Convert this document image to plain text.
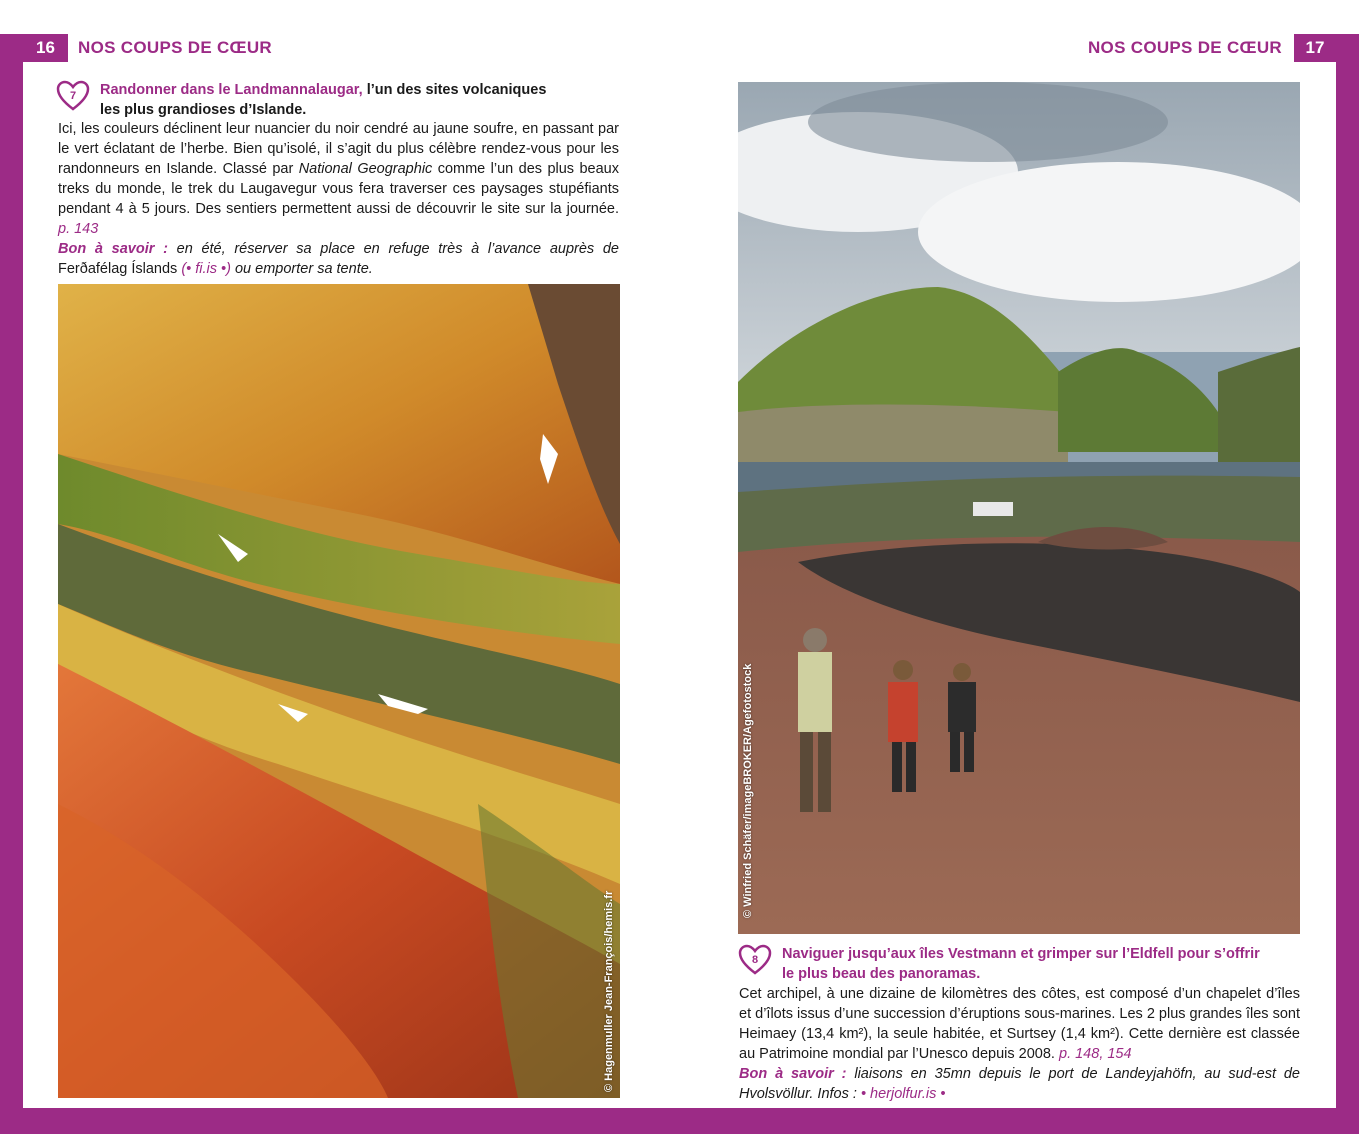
16	NOS COUPS DE CŒUR
7 Randonner dans le Landmannalaugar, l’un des sites volcaniques
les plus grandioses d’Islande.
Ici, les couleurs déclinent leur nuancier du noir cendré au jaune soufre, en passant par le vert éclatant de l’herbe. Bien qu’isolé, il s’agit du plus célèbre rendez-vous pour les randonneurs en Islande. Classé par National Geographic comme l’un des plus beaux treks du monde, le trek du Laugavegur vous fera traverser ces paysages stupéfiants pendant 4 à 5 jours. Des sentiers permettent aussi de découvrir le site sur la journée. p. 143
Bon à savoir : en été, réserver sa place en refuge très à l’avance auprès de Ferðafélag Íslands (• fi.is •) ou emporter sa tente.
© Hagenmuller Jean-François/hemis.fr
17
NOS COUPS DE CŒUR
© Winfried Schäfer/imageBROKER/Agefotostock
8 Naviguer jusqu’aux îles Vestmann et grimper sur l’Eldfell pour s’offrir
le plus beau des panoramas.
Cet archipel, à une dizaine de kilomètres des côtes, est composé d’un chapelet d’îles et d’îlots issus d’une succession d’éruptions sous-marines. Les 2 plus grandes îles sont Heimaey (13,4 km²), la seule habitée, et Surtsey (1,4 km²). Cette dernière est classée au Patrimoine mondial par l’Unesco depuis 2008. p. 148, 154
Bon à savoir : liaisons en 35mn depuis le port de Landeyjahöfn, au sud-est de Hvolsvöllur. Infos : • herjolfur.is •
